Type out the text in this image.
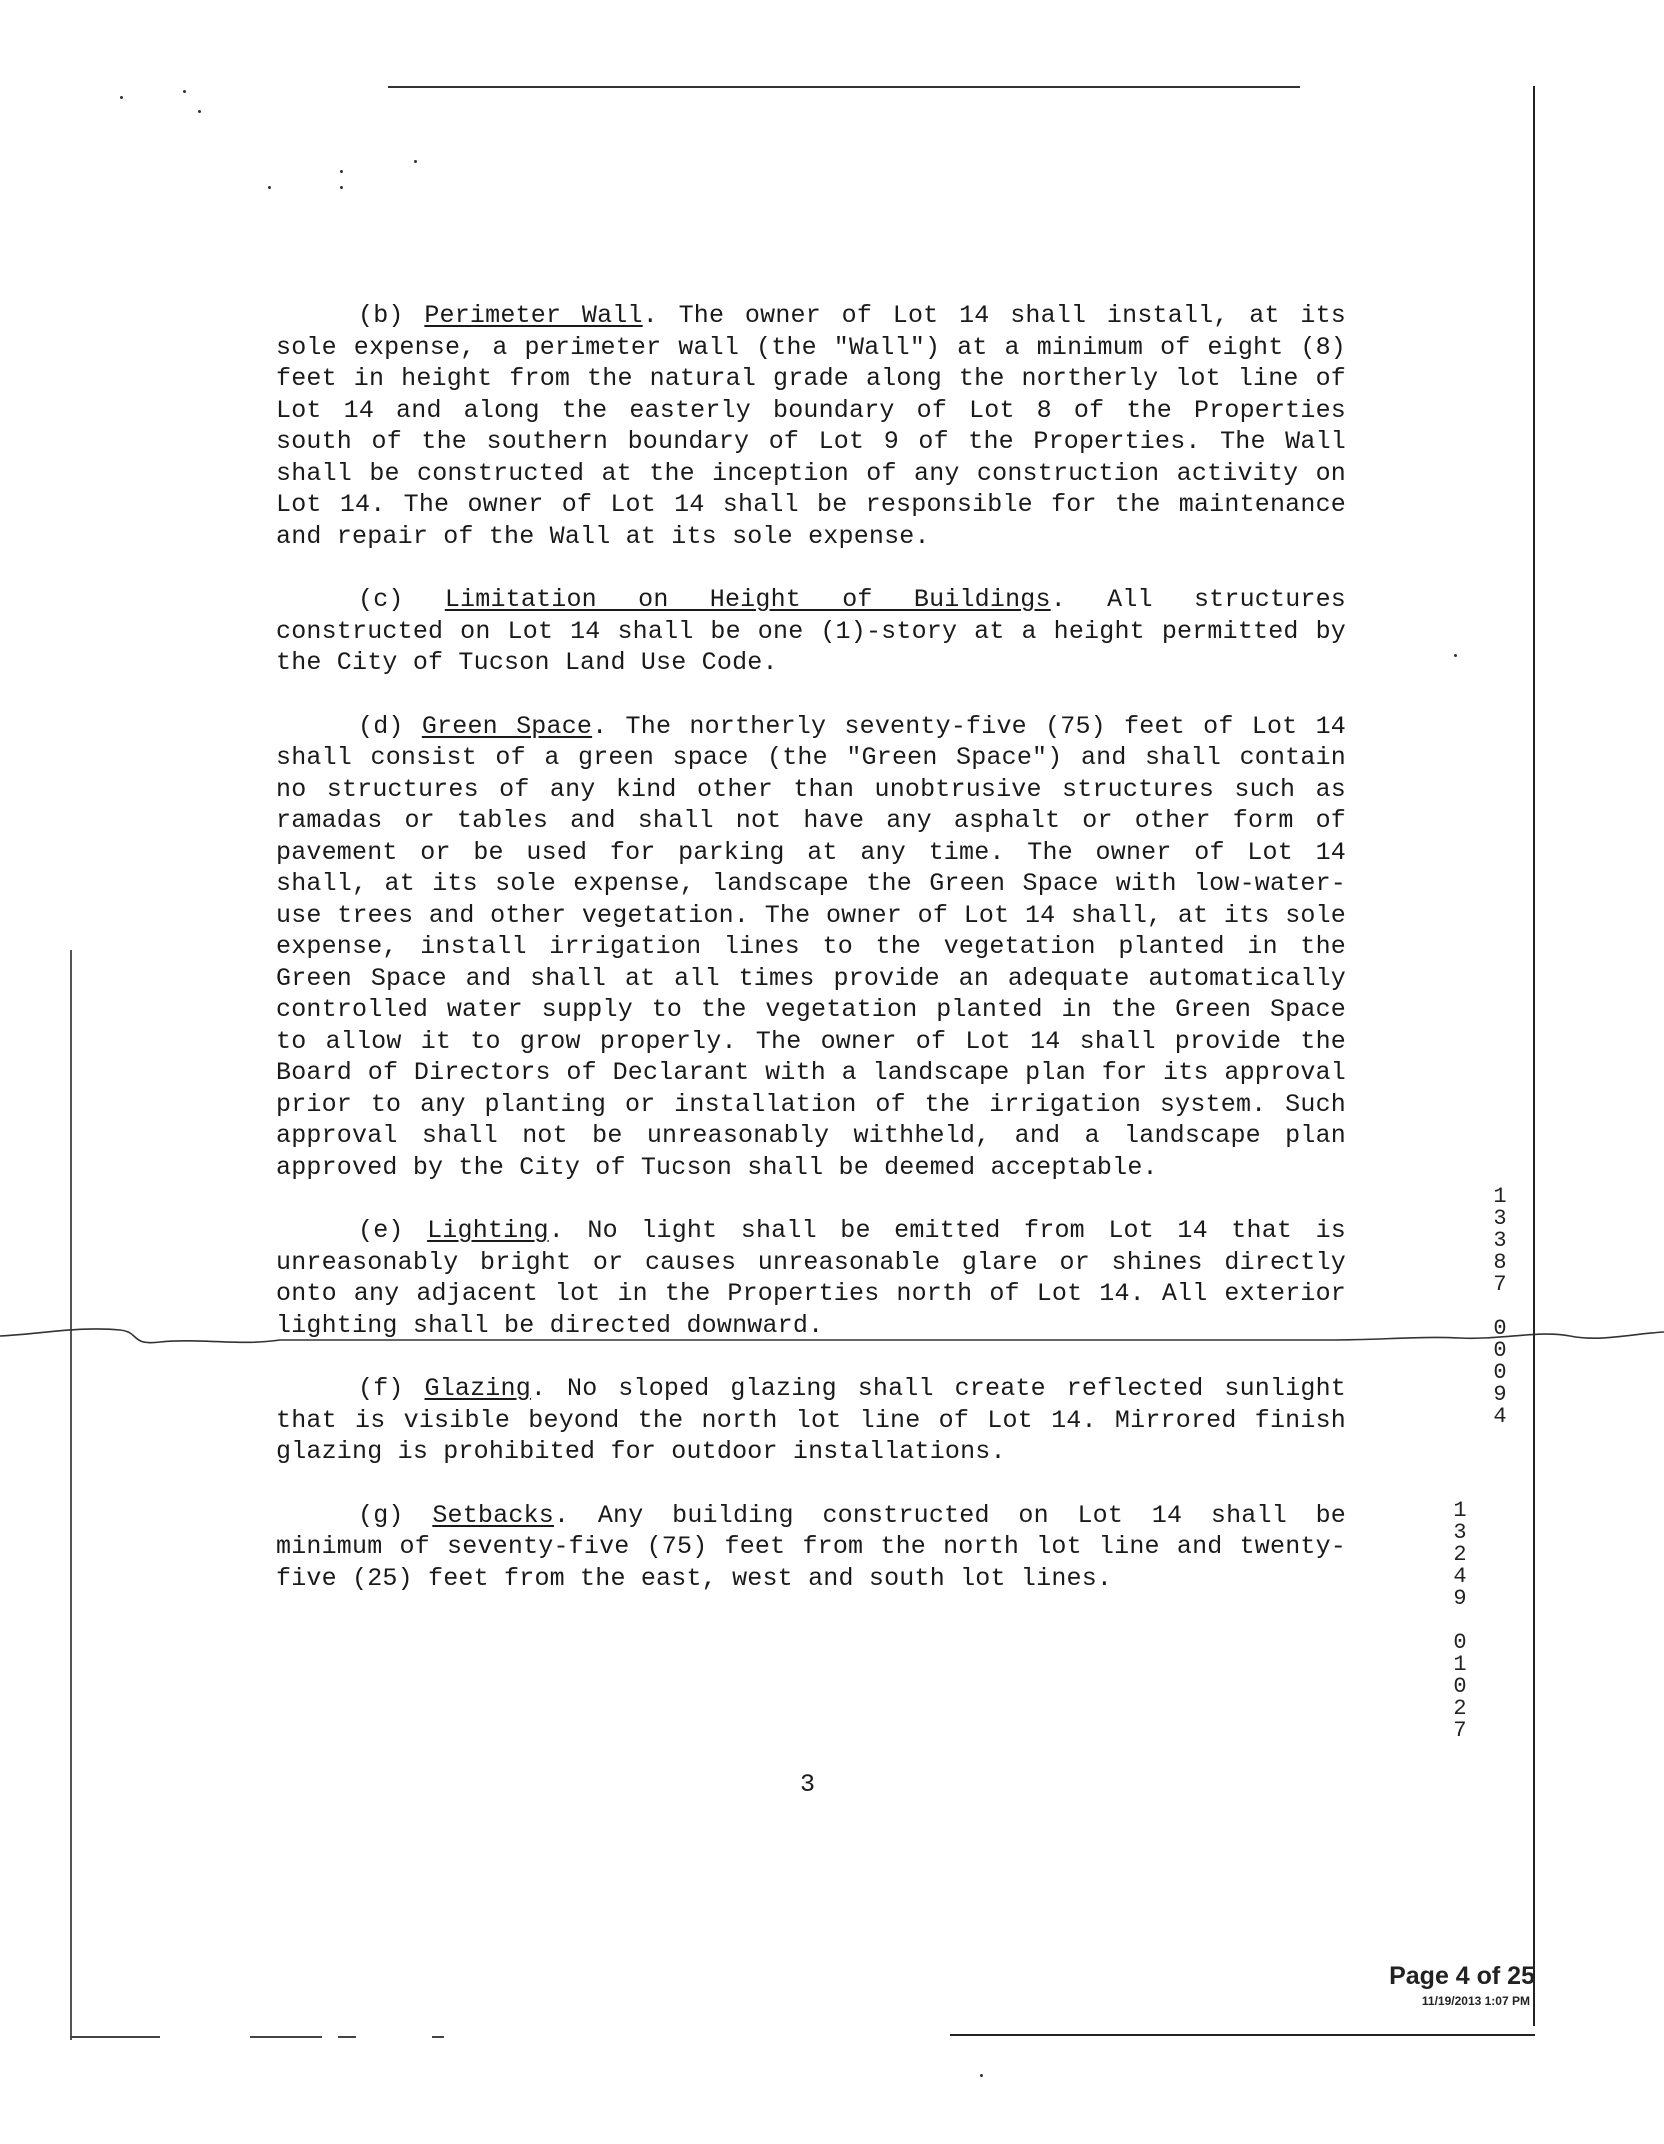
(b) Perimeter Wall. The owner of Lot 14 shall install, at its sole expense, a perimeter wall (the "Wall") at a minimum of eight (8) feet in height from the natural grade along the northerly lot line of Lot 14 and along the easterly boundary of Lot 8 of the Properties south of the southern boundary of Lot 9 of the Properties. The Wall shall be constructed at the inception of any construction activity on Lot 14. The owner of Lot 14 shall be responsible for the maintenance and repair of the Wall at its sole expense.

(c) Limitation on Height of Buildings. All structures constructed on Lot 14 shall be one (1)-story at a height permitted by the City of Tucson Land Use Code.

(d) Green Space. The northerly seventy-five (75) feet of Lot 14 shall consist of a green space (the "Green Space") and shall contain no structures of any kind other than unobtrusive structures such as ramadas or tables and shall not have any asphalt or other form of pavement or be used for parking at any time. The owner of Lot 14 shall, at its sole expense, landscape the Green Space with low-water-use trees and other vegetation. The owner of Lot 14 shall, at its sole expense, install irrigation lines to the vegetation planted in the Green Space and shall at all times provide an adequate automatically controlled water supply to the vegetation planted in the Green Space to allow it to grow properly. The owner of Lot 14 shall provide the Board of Directors of Declarant with a landscape plan for its approval prior to any planting or installation of the irrigation system. Such approval shall not be unreasonably withheld, and a landscape plan approved by the City of Tucson shall be deemed acceptable.

(e) Lighting. No light shall be emitted from Lot 14 that is unreasonably bright or causes unreasonable glare or shines directly onto any adjacent lot in the Properties north of Lot 14. All exterior lighting shall be directed downward.

(f) Glazing. No sloped glazing shall create reflected sunlight that is visible beyond the north lot line of Lot 14. Mirrored finish glazing is prohibited for outdoor installations.

(g) Setbacks. Any building constructed on Lot 14 shall be minimum of seventy-five (75) feet from the north lot line and twenty-five (25) feet from the east, west and south lot lines.

3
1
3
3
8
7
0
0
0
9
4
1
3
2
4
9
0
1
0
2
7
Page 4 of 25
11/19/2013 1:07 PM
